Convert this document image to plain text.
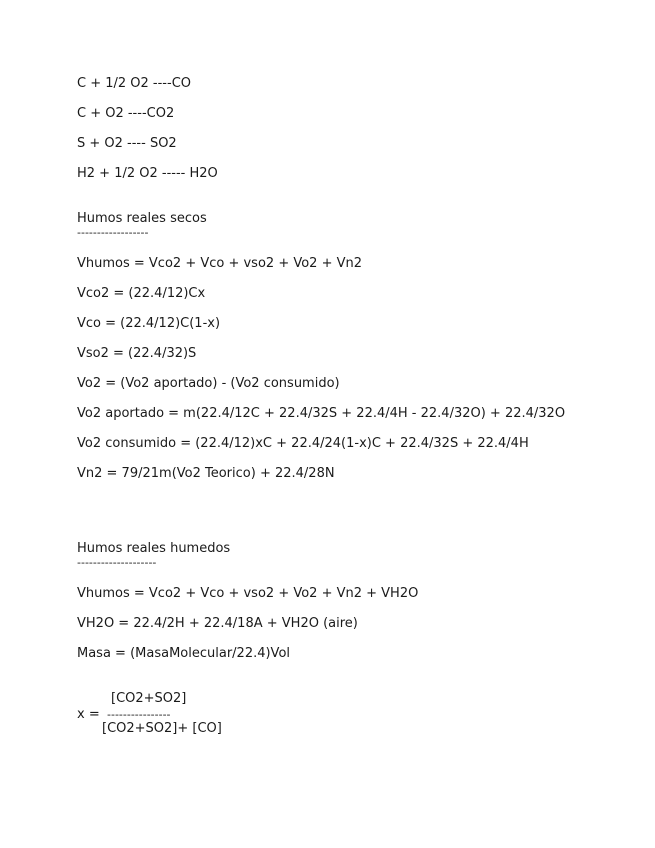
C + 1/2 O2 ----CO
C + O2 ----CO2
S + O2 ---- SO2
H2 + 1/2 O2 ----- H2O
Humos reales secos
------------------
Vhumos = Vco2 + Vco + vso2 + Vo2 + Vn2
Vco2 = (22.4/12)Cx
Vco = (22.4/12)C(1-x)
Vso2 = (22.4/32)S
Vo2 = (Vo2 aportado) - (Vo2 consumido)
Vo2 aportado = m(22.4/12C + 22.4/32S + 22.4/4H - 22.4/32O) + 22.4/32O
Vo2 consumido = (22.4/12)xC + 22.4/24(1-x)C + 22.4/32S + 22.4/4H
Vn2 = 79/21m(Vo2 Teorico) + 22.4/28N
Humos reales humedos
--------------------
Vhumos = Vco2 + Vco + vso2 + Vo2 + Vn2 + VH2O
VH2O = 22.4/2H + 22.4/18A + VH2O (aire)
Masa = (MasaMolecular/22.4)Vol
[CO2+SO2]
x = ----------------
[CO2+SO2]+ [CO]
